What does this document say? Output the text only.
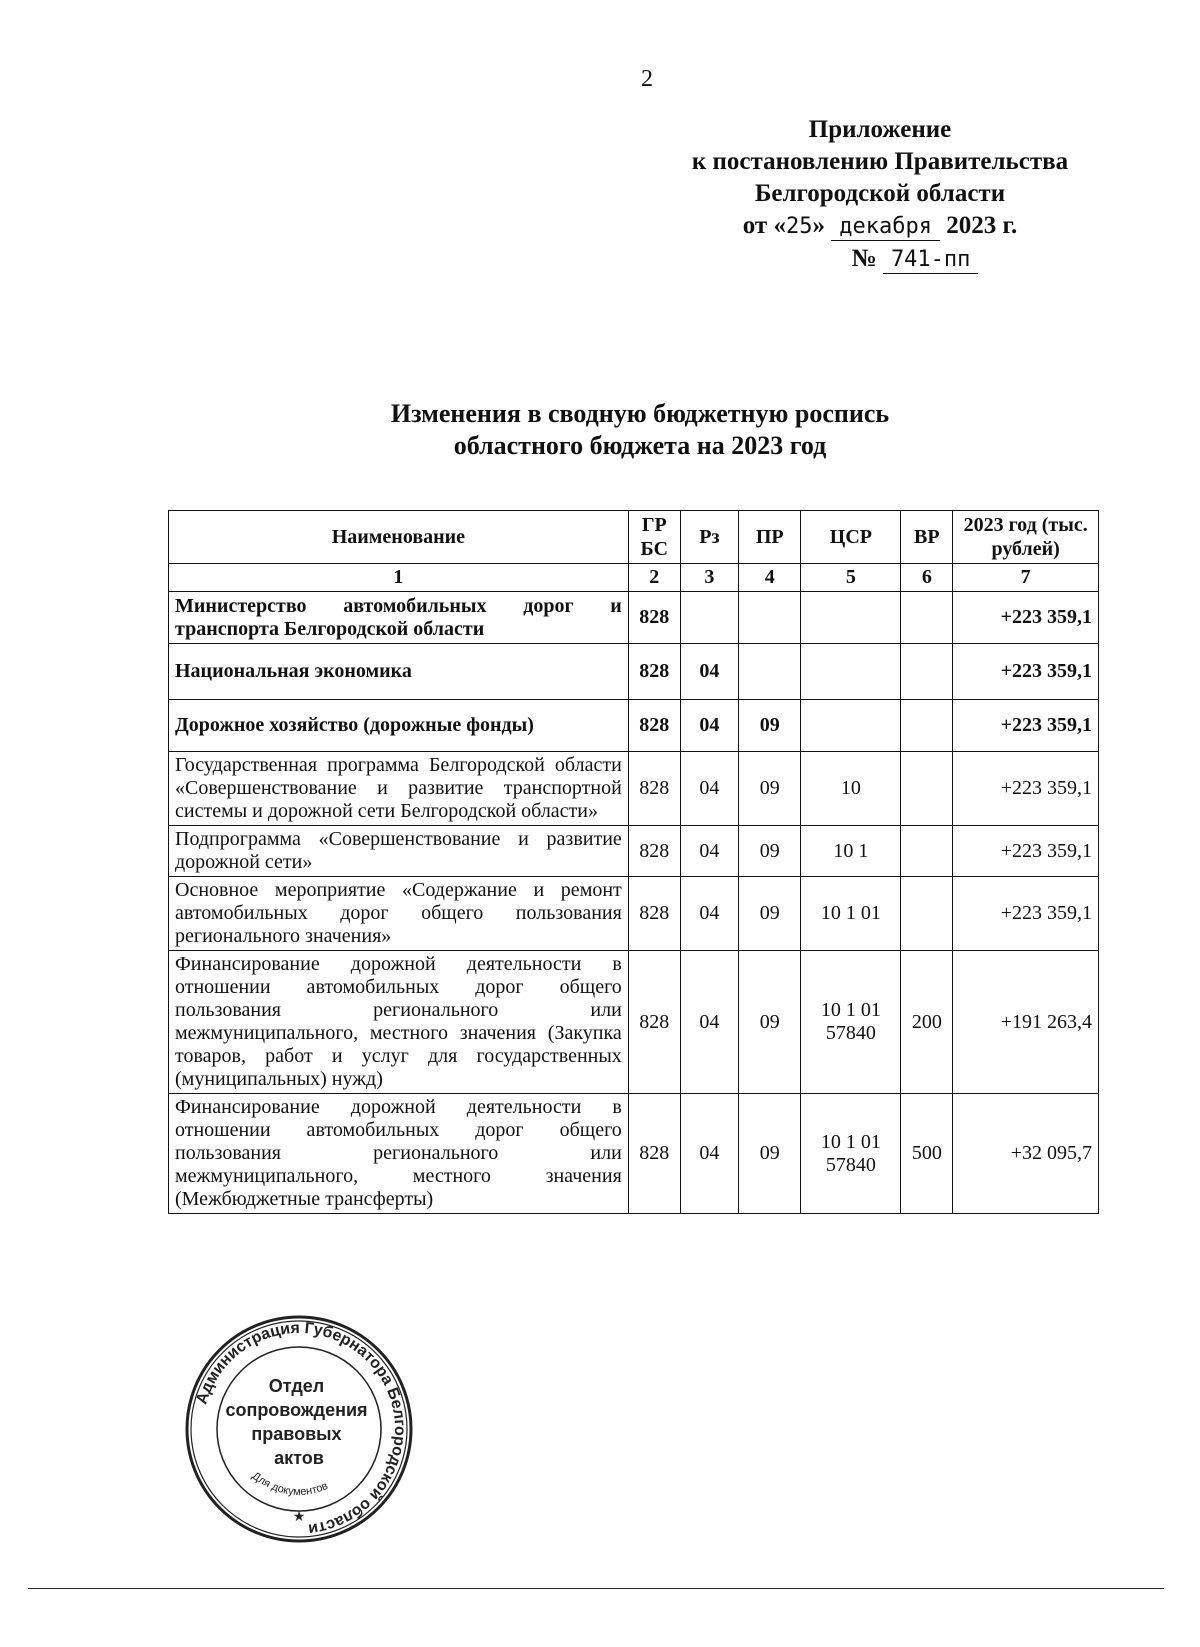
2
Приложение
к постановлению Правительства
Белгородской области
от «25» декабря 2023 г.
№ 741-пп
Изменения в сводную бюджетную роспись
областного бюджета на 2023 год
Наименование	ГР БС	Рз	ПР	ЦСР	ВР	2023 год (тыс. рублей)
1	2	3	4	5	6	7
Министерство автомобильных дорог и транспорта Белгородской области	828					+223 359,1
Национальная экономика	828	04				+223 359,1
Дорожное хозяйство (дорожные фонды)	828	04	09			+223 359,1
Государственная программа Белгородской области «Совершенствование и развитие транспортной системы и дорожной сети Белгородской области»	828	04	09	10		+223 359,1
Подпрограмма «Совершенствование и развитие дорожной сети»	828	04	09	10 1		+223 359,1
Основное мероприятие «Содержание и ремонт автомобильных дорог общего пользования регионального значения»	828	04	09	10 1 01		+223 359,1
Финансирование дорожной деятельности в отношении автомобильных дорог общего пользования регионального или межмуниципального, местного значения (Закупка товаров, работ и услуг для государственных (муниципальных) нужд)	828	04	09	10 1 01 57840	200	+191 263,4
Финансирование дорожной деятельности в отношении автомобильных дорог общего пользования регионального или межмуниципального, местного значения (Межбюджетные трансферты)	828	04	09	10 1 01 57840	500	+32 095,7
Администрация Губернатора Белгородской области
Отдел сопровождения правовых актов
Для документов
★
